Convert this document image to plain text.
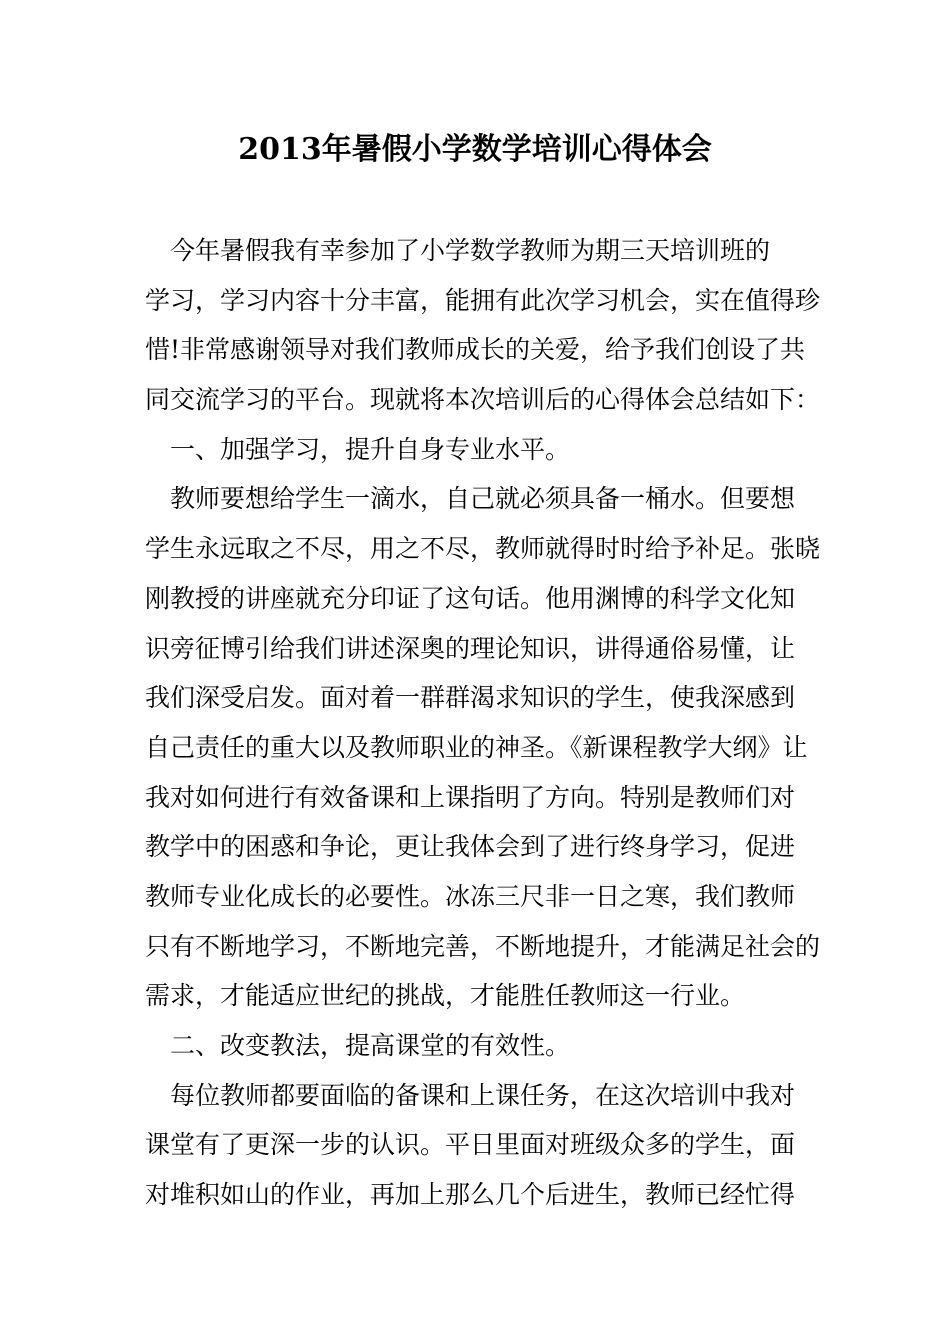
2013年暑假小学数学培训心得体会
　今年暑假我有幸参加了小学数学教师为期三天培训班的
学习，学习内容十分丰富，能拥有此次学习机会，实在值得珍
惜!非常感谢领导对我们教师成长的关爱，给予我们创设了共
同交流学习的平台。现就将本次培训后的心得体会总结如下：
　一、加强学习，提升自身专业水平。
　教师要想给学生一滴水，自己就必须具备一桶水。但要想
学生永远取之不尽，用之不尽，教师就得时时给予补足。张晓
刚教授的讲座就充分印证了这句话。他用渊博的科学文化知
识旁征博引给我们讲述深奥的理论知识，讲得通俗易懂，让
我们深受启发。面对着一群群渴求知识的学生，使我深感到
自己责任的重大以及教师职业的神圣。《新课程教学大纲》让
我对如何进行有效备课和上课指明了方向。特别是教师们对
教学中的困惑和争论，更让我体会到了进行终身学习，促进
教师专业化成长的必要性。冰冻三尺非一日之寒，我们教师
只有不断地学习，不断地完善，不断地提升，才能满足社会的
需求，才能适应世纪的挑战，才能胜任教师这一行业。
　二、改变教法，提高课堂的有效性。
　每位教师都要面临的备课和上课任务，在这次培训中我对
课堂有了更深一步的认识。平日里面对班级众多的学生，面
对堆积如山的作业，再加上那么几个后进生，教师已经忙得
